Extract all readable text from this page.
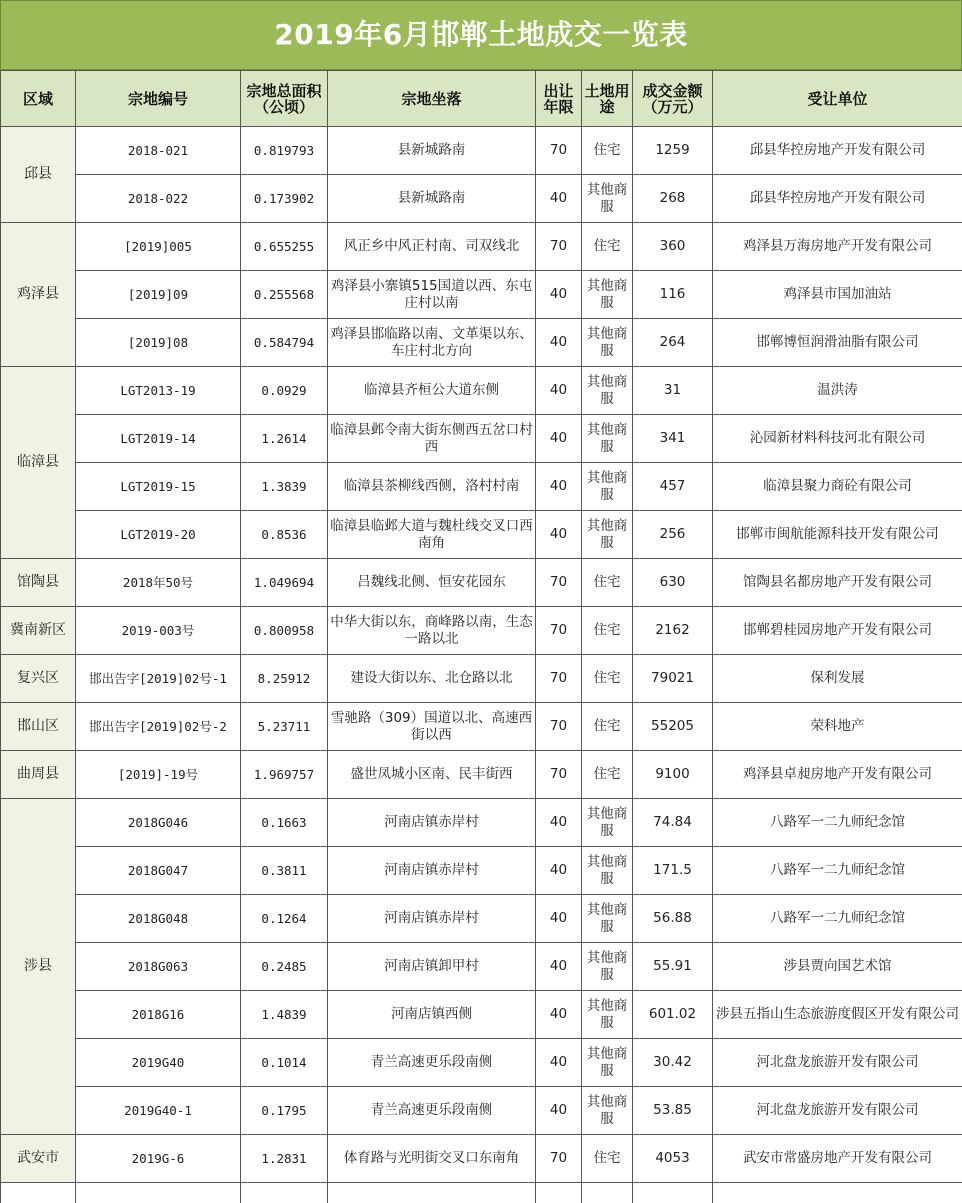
2019年6月邯郸土地成交一览表
区域	宗地编号	宗地总面积（公顷）	宗地坐落	出让年限	土地用途	成交金额（万元）	受让单位
邱县	2018-021	0.819793	县新城路南	70	住宅	1259	邱县华控房地产开发有限公司
	2018-022	0.173902	县新城路南	40	其他商服	268	邱县华控房地产开发有限公司
鸡泽县	[2019]005	0.655255	风正乡中风正村南、司双线北	70	住宅	360	鸡泽县万海房地产开发有限公司
	[2019]09	0.255568	鸡泽县小寨镇515国道以西、东屯庄村以南	40	其他商服	116	鸡泽县市国加油站
	[2019]08	0.584794	鸡泽县邯临路以南、文革渠以东、车庄村北方向	40	其他商服	264	邯郸博恒润滑油脂有限公司
临漳县	LGT2013-19	0.0929	临漳县齐桓公大道东侧	40	其他商服	31	温洪涛
	LGT2019-14	1.2614	临漳县邺令南大街东侧西五岔口村西	40	其他商服	341	沁园新材料科技河北有限公司
	LGT2019-15	1.3839	临漳县茶柳线西侧，洛村村南	40	其他商服	457	临漳县聚力商砼有限公司
	LGT2019-20	0.8536	临漳县临邺大道与魏杜线交叉口西南角	40	其他商服	256	邯郸市闽航能源科技开发有限公司
馆陶县	2018年50号	1.049694	吕魏线北侧、恒安花园东	70	住宅	630	馆陶县名都房地产开发有限公司
冀南新区	2019-003号	0.800958	中华大街以东，商峰路以南，生态一路以北	70	住宅	2162	邯郸碧桂园房地产开发有限公司
复兴区	邯出告字[2019]02号-1	8.25912	建设大街以东、北仓路以北	70	住宅	79021	保利发展
邯山区	邯出告字[2019]02号-2	5.23711	雪驰路（309）国道以北、高速西街以西	70	住宅	55205	荣科地产
曲周县	[2019]-19号	1.969757	盛世凤城小区南、民丰街西	70	住宅	9100	鸡泽县卓昶房地产开发有限公司
涉县	2018G046	0.1663	河南店镇赤岸村	40	其他商服	74.84	八路军一二九师纪念馆
	2018G047	0.3811	河南店镇赤岸村	40	其他商服	171.5	八路军一二九师纪念馆
	2018G048	0.1264	河南店镇赤岸村	40	其他商服	56.88	八路军一二九师纪念馆
	2018G063	0.2485	河南店镇卸甲村	40	其他商服	55.91	涉县贾向国艺术馆
	2018G16	1.4839	河南店镇西侧	40	其他商服	601.02	涉县五指山生态旅游度假区开发有限公司
	2019G40	0.1014	青兰高速更乐段南侧	40	其他商服	30.42	河北盘龙旅游开发有限公司
	2019G40-1	0.1795	青兰高速更乐段南侧	40	其他商服	53.85	河北盘龙旅游开发有限公司
武安市	2019G-6	1.2831	体育路与光明街交叉口东南角	70	住宅	4053	武安市常盛房地产开发有限公司
